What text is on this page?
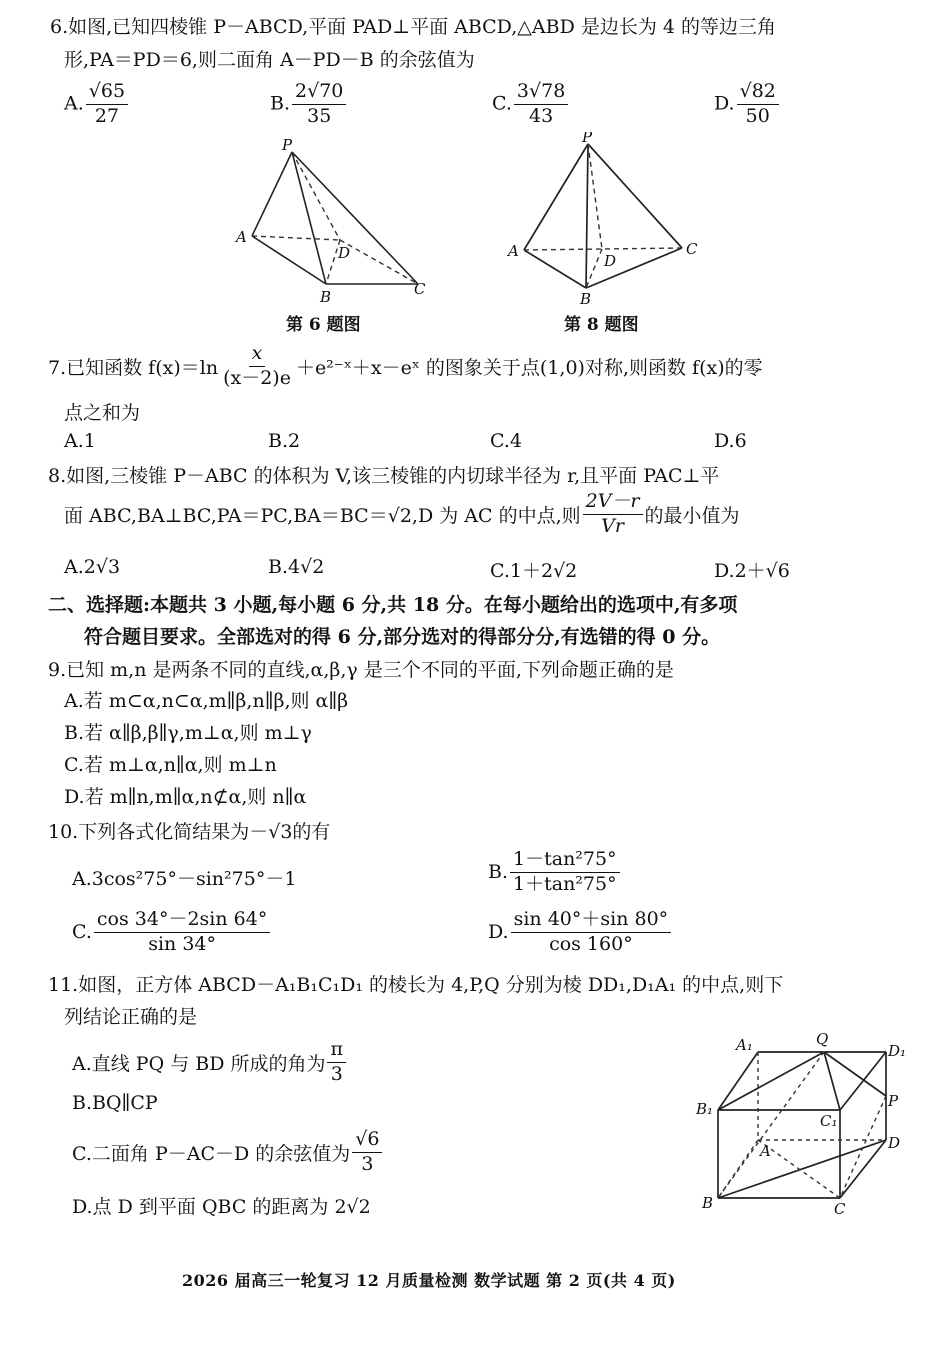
6.如图,已知四棱锥 P－ABCD,平面 PAD⊥平面 ABCD,△ABD 是边长为 4 的等边三角
形,PA＝PD＝6,则二面角 A－PD－B 的余弦值为
A. $\frac{√65}{27}$	B. $\frac{2√70}{35}$	C. $\frac{3√78}{43}$	D. $\frac{√82}{50}$
P
A
D
B	C
第 6 题图
P
A
D
B
C
第 8 题图
7.已知函数 $f(x)=\ln \frac{x}{(x-2)e}$ ＋e²⁻ˣ＋x－eˣ 的图象关于点(1,0)对称,则函数 f(x)的零
点之和为
A.1	B.2	C.4	D.6
8.如图,三棱锥 P－ABC 的体积为 V,该三棱锥的内切球半径为 r,且平面 PAC⊥平
面 ABC,BA⊥BC,PA＝PC,BA＝BC＝√2,D 为 AC 的中点,则 $\frac{2V-r}{Vr}$ 的最小值为
A.2√3	B.4√2	C.1＋2√2	D.2＋√6
二、选择题:本题共 3 小题,每小题 6 分,共 18 分。在每小题给出的选项中,有多项
符合题目要求。全部选对的得 6 分,部分选对的得部分分,有选错的得 0 分。
9.已知 m,n 是两条不同的直线,α,β,γ 是三个不同的平面,下列命题正确的是
A.若 m⊂α,n⊂α,m∥β,n∥β,则 α∥β
B.若 α∥β,β∥γ,m⊥α,则 m⊥γ
C.若 m⊥α,n∥α,则 m⊥n
D.若 m∥n,m∥α,n⊄α,则 n∥α
10.下列各式化简结果为－√3的有
A.3cos²75°－sin²75°－1	B. $\frac{\text{1－tan²75°}}{\text{1＋tan²75°}}$
C. $\frac{\cos 34^\circ-2\sin 64^\circ}{\sin 34^\circ}$	D. $\frac{\sin 40^\circ+\sin 80^\circ}{\cos 160^\circ}$
11.如图，正方体 ABCD－A₁B₁C₁D₁ 的棱长为 4,P,Q 分别为棱 DD₁,D₁A₁ 的中点,则下
列结论正确的是
A.直线 PQ 与 BD 所成的角为 $\frac{\pi}{3}$
B.BQ∥CP
C.二面角 P－AC－D 的余弦值为 $\frac{√6}{3}$
D.点 D 到平面 QBC 的距离为 2√2
A₁	Q
D₁
B₁
C₁
P
A	D
B	C
2026 届高三一轮复习 12 月质量检测 数学试题 第 2 页(共 4 页)
